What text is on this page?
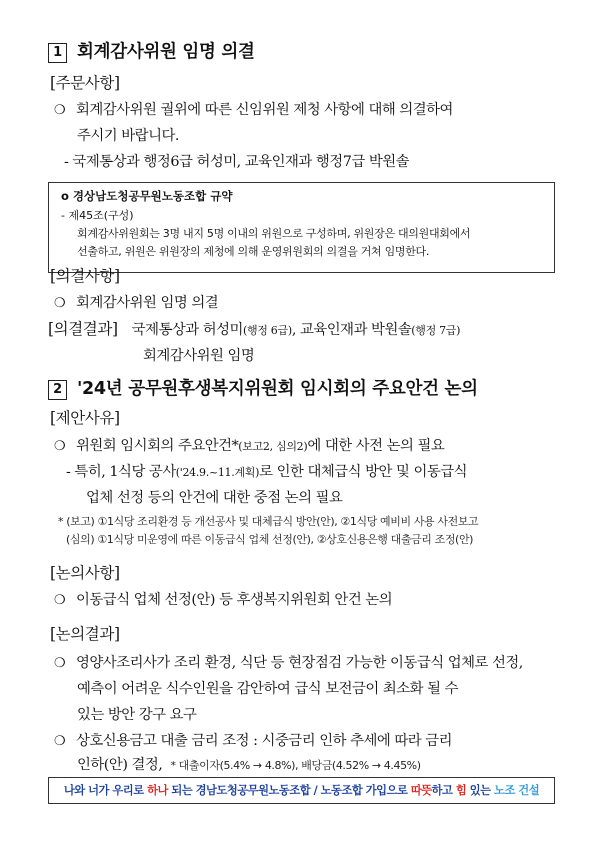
1 회계감사위원 임명 의결
[주문사항]
❍ 회계감사위원 궐위에 따른 신임위원 제청 사항에 대해 의결하여
주시기 바랍니다.
- 국제통상과 행정6급 허성미, 교육인재과 행정7급 박원솔
o 경상남도청공무원노동조합 규약
- 제45조(구성)
회계감사위원회는 3명 내지 5명 이내의 위원으로 구성하며, 위원장은 대의원대회에서
선출하고, 위원은 위원장의 제청에 의해 운영위원회의 의결을 거쳐 임명한다.
[의결사항]
❍ 회계감사위원 임명 의결
[의결결과] 국제통상과 허성미(행정 6급), 교육인재과 박원솔(행정 7급)
회계감사위원 임명
2 '24년 공무원후생복지위원회 임시회의 주요안건 논의
[제안사유]
❍ 위원회 임시회의 주요안건*(보고2, 심의2)에 대한 사전 논의 필요
- 특히, 1식당 공사('24.9.~11.계획)로 인한 대체급식 방안 및 이동급식
업체 선정 등의 안건에 대한 중점 논의 필요
* (보고) ①1식당 조리환경 등 개선공사 및 대체급식 방안(안), ②1식당 예비비 사용 사전보고
(심의) ①1식당 미운영에 따른 이동급식 업체 선정(안), ②상호신용은행 대출금리 조정(안)
[논의사항]
❍ 이동급식 업체 선정(안) 등 후생복지위원회 안건 논의
[논의결과]
❍ 영양사조리사가 조리 환경, 식단 등 현장점검 가능한 이동급식 업체로 선정,
예측이 어려운 식수인원을 감안하여 급식 보전금이 최소화 될 수
있는 방안 강구 요구
❍ 상호신용금고 대출 금리 조정 : 시중금리 인하 추세에 따라 금리
인하(안) 결정, * 대출이자(5.4% → 4.8%), 배당금(4.52% → 4.45%)
나와 너가 우리로 하나 되는 경남도청공무원노동조합 / 노동조합 가입으로 따뜻하고 힘 있는 노조 건설
